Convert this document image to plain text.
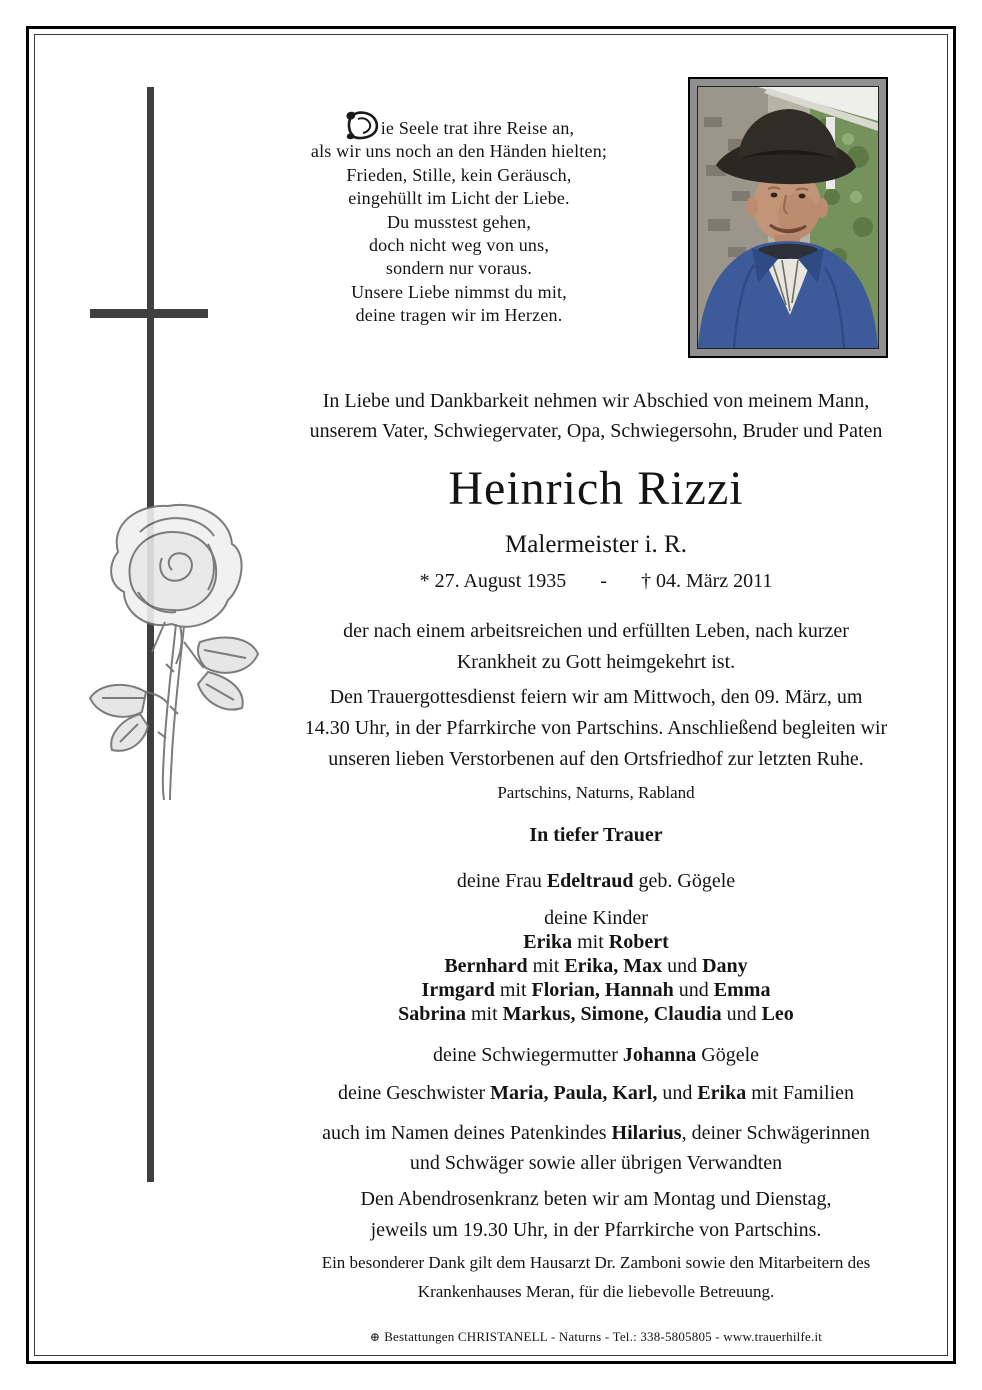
ie Seele trat ihre Reise an,
als wir uns noch an den Händen hielten;
Frieden, Stille, kein Geräusch,
eingehüllt im Licht der Liebe.
Du musstest gehen,
doch nicht weg von uns,
sondern nur voraus.
Unsere Liebe nimmst du mit,
deine tragen wir im Herzen.
In Liebe und Dankbarkeit nehmen wir Abschied von meinem Mann,
unserem Vater, Schwiegervater, Opa, Schwiegersohn, Bruder und Paten
Heinrich Rizzi
Malermeister i. R.
* 27. August 1935 - † 04. März 2011
der nach einem arbeitsreichen und erfüllten Leben, nach kurzer
Krankheit zu Gott heimgekehrt ist.
Den Trauergottesdienst feiern wir am Mittwoch, den 09. März, um
14.30 Uhr, in der Pfarrkirche von Partschins. Anschließend begleiten wir
unseren lieben Verstorbenen auf den Ortsfriedhof zur letzten Ruhe.
Partschins, Naturns, Rabland
In tiefer Trauer
deine Frau Edeltraud geb. Gögele
deine Kinder
Erika mit Robert
Bernhard mit Erika, Max und Dany
Irmgard mit Florian, Hannah und Emma
Sabrina mit Markus, Simone, Claudia und Leo
deine Schwiegermutter Johanna Gögele
deine Geschwister Maria, Paula, Karl, und Erika mit Familien
auch im Namen deines Patenkindes Hilarius, deiner Schwägerinnen
und Schwäger sowie aller übrigen Verwandten
Den Abendrosenkranz beten wir am Montag und Dienstag,
jeweils um 19.30 Uhr, in der Pfarrkirche von Partschins.
Ein besonderer Dank gilt dem Hausarzt Dr. Zamboni sowie den Mitarbeitern des
Krankenhauses Meran, für die liebevolle Betreuung.
⊕ Bestattungen CHRISTANELL - Naturns - Tel.: 338-5805805 - www.trauerhilfe.it
